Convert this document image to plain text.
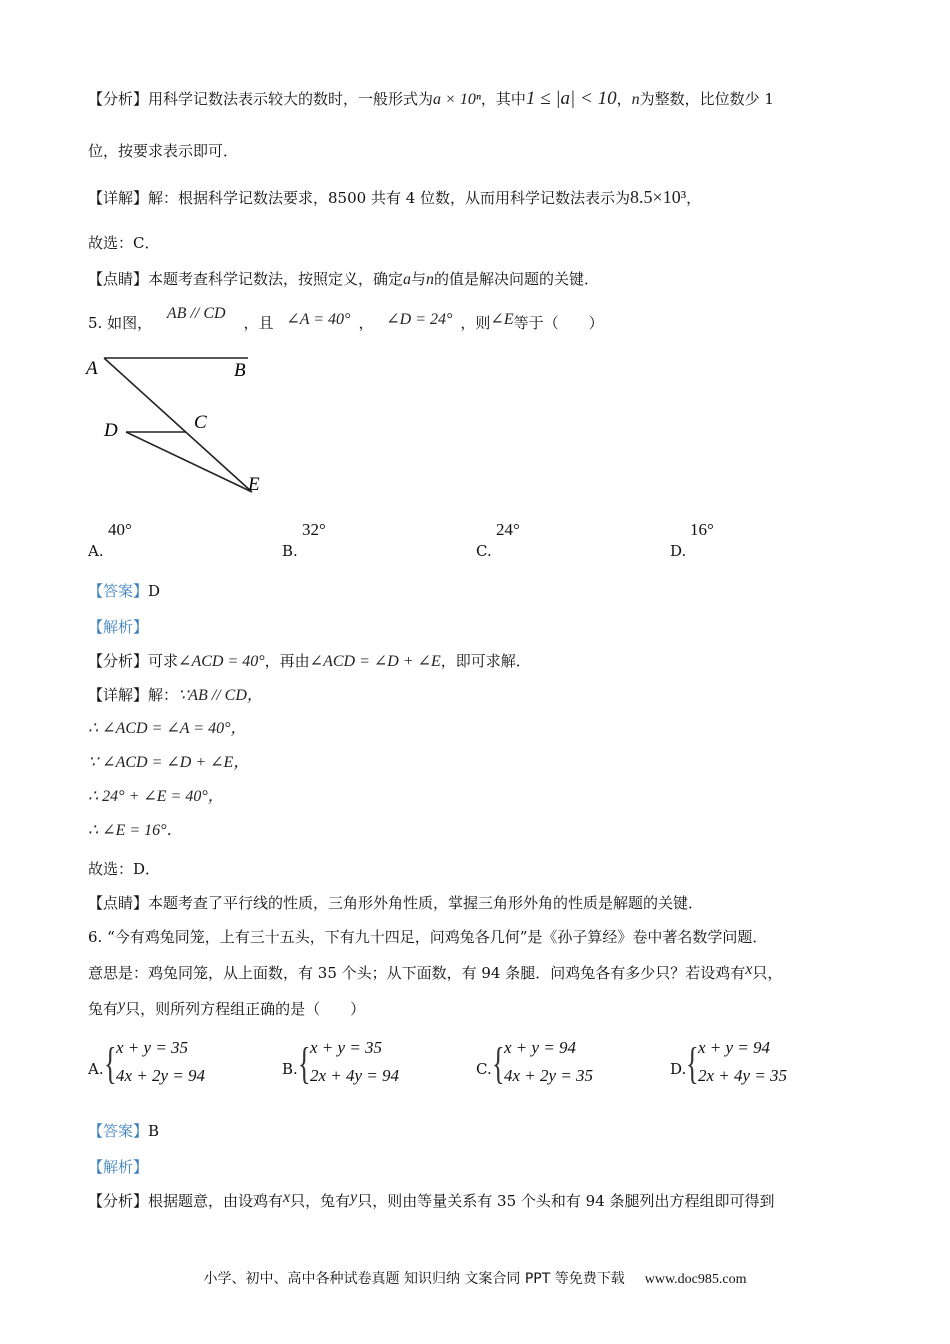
【分析】用科学记数法表示较大的数时，一般形式为a × 10ⁿ，其中1 ≤ |a| < 10，n为整数，比位数少 1
位，按要求表示即可．
【详解】解：根据科学记数法要求，8500 共有 4 位数，从而用科学记数法表示为8.5×10³，
故选：C．
【点睛】本题考查科学记数法，按照定义，确定a与n的值是解决问题的关键．
5. 如图， AB // CD，且 ∠A = 40° ， ∠D = 24° ，则∠E等于（　　）
A	B
C
D
E
A.
40°
B.
32°
C.
24°
D.
16°
【答案】D
【解析】
【分析】可求∠ACD = 40°，再由∠ACD = ∠D + ∠E，即可求解．
【详解】解：∵AB // CD，
∴ ∠ACD = ∠A = 40°，
∵ ∠ACD = ∠D + ∠E，
∴ 24° + ∠E = 40°，
∴ ∠E = 16°．
故选：D．
【点睛】本题考查了平行线的性质，三角形外角性质，掌握三角形外角的性质是解题的关键．
6. “今有鸡兔同笼，上有三十五头，下有九十四足，问鸡兔各几何”是《孙子算经》卷中著名数学问题．
意思是：鸡兔同笼，从上面数，有 35 个头；从下面数，有 94 条腿．问鸡兔各有多少只？若设鸡有x只，
兔有y只，则所列方程组正确的是（　　）
A. { x + y = 35
4x + 2y = 94	B. { x + y = 35
2x + 4y = 94	C. { x + y = 94
4x + 2y = 35	D. { x + y = 94
2x + 4y = 35
【答案】B
【解析】
【分析】根据题意，由设鸡有x只，兔有y只，则由等量关系有 35 个头和有 94 条腿列出方程组即可得到
小学、初中、高中各种试卷真题 知识归纳 文案合同 PPT 等免费下载 www.doc985.com
